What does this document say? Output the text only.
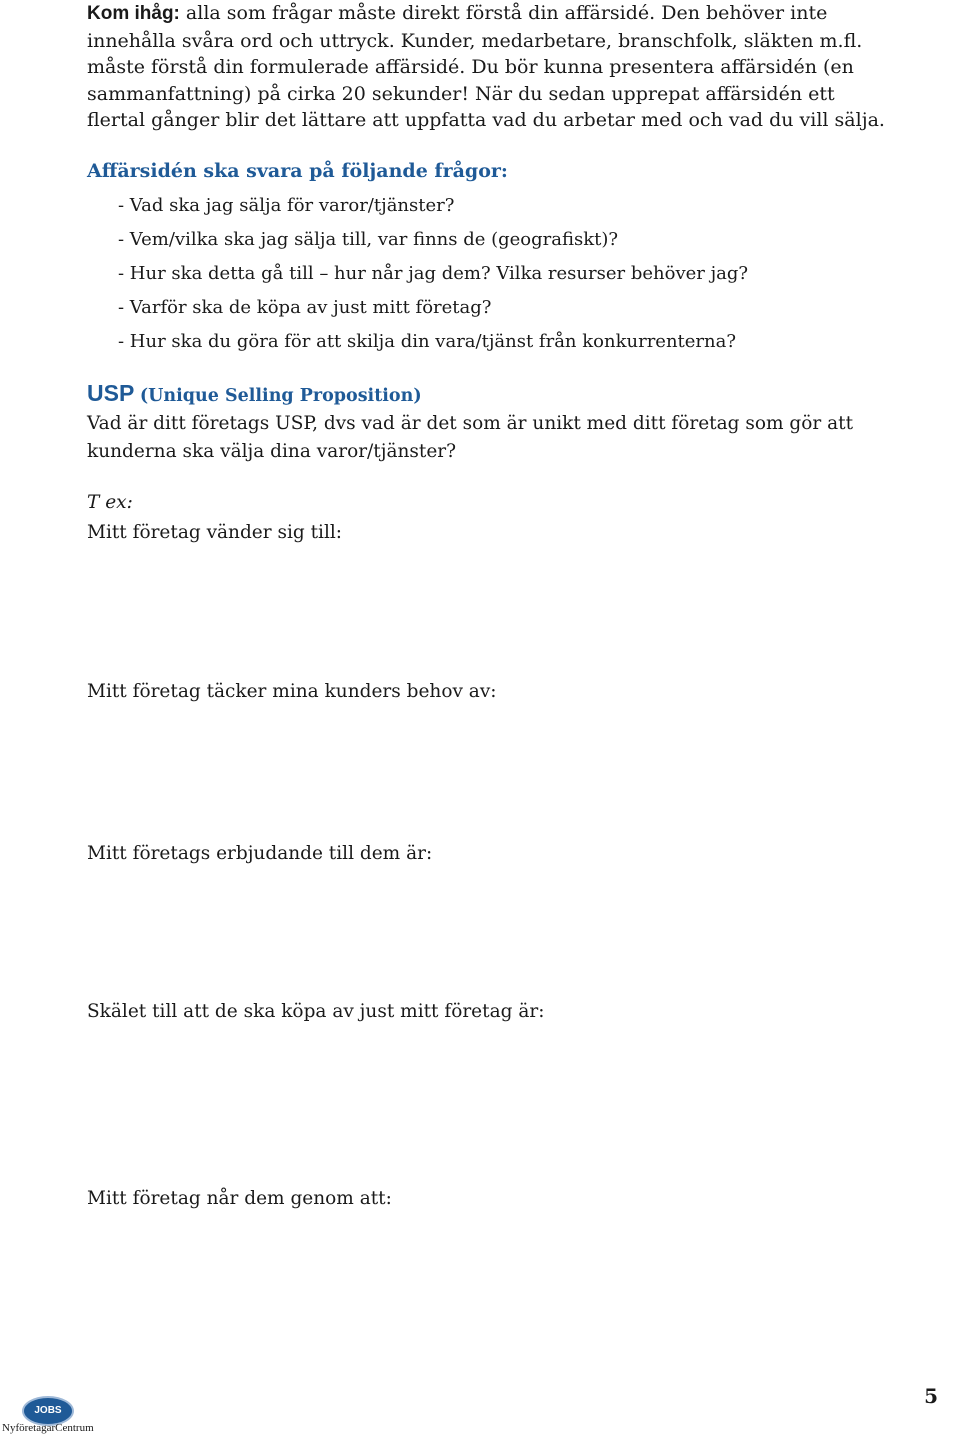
Kom ihåg: alla som frågar måste direkt förstå din affärsidé. Den behöver inte innehålla svåra ord och uttryck. Kunder, medarbetare, branschfolk, släkten m.fl. måste förstå din formulerade affärsidé. Du bör kunna presentera affärsidén (en sammanfattning) på cirka 20 sekunder! När du sedan upprepat affärsidén ett flertal gånger blir det lättare att uppfatta vad du arbetar med och vad du vill sälja.
Affärsidén ska svara på följande frågor:
- Vad ska jag sälja för varor/tjänster?
- Vem/vilka ska jag sälja till, var finns de (geografiskt)?
- Hur ska detta gå till – hur når jag dem? Vilka resurser behöver jag?
- Varför ska de köpa av just mitt företag?
- Hur ska du göra för att skilja din vara/tjänst från konkurrenterna?
USP (Unique Selling Proposition)
Vad är ditt företags USP, dvs vad är det som är unikt med ditt företag som gör att kunderna ska välja dina varor/tjänster?
T ex:
Mitt företag vänder sig till:
Mitt företag täcker mina kunders behov av:
Mitt företags erbjudande till dem är:
Skälet till att de ska köpa av just mitt företag är:
Mitt företag når dem genom att:
JOBS
NyföretagarCentrum
5
